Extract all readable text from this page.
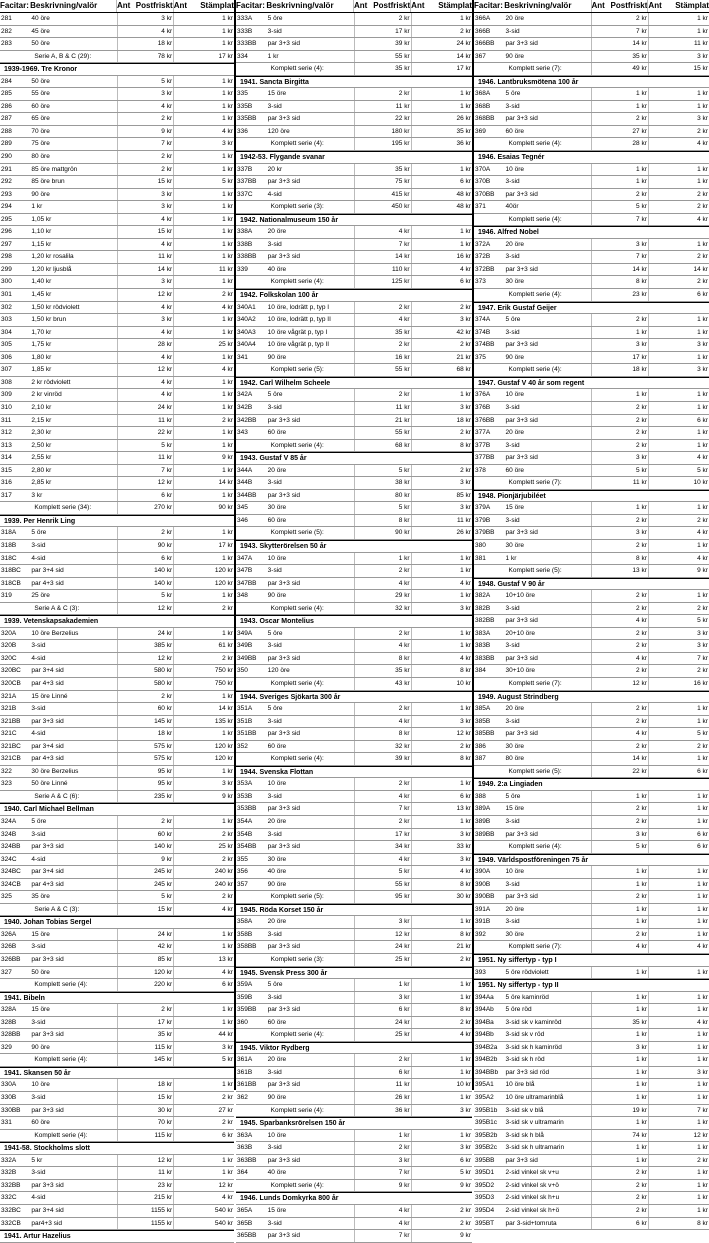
Facitar: Beskrivning/valör	Ant Postfriskt Ant	Stämplat
281	40 öre	3 kr	1 kr
282	45 öre	4 kr	1 kr
283	50 öre	18 kr	1 kr
Serie A, B & C (29):	78 kr	17 kr
1939-1969. Tre Kronor
284	50 öre	5 kr	1 kr
285	55 öre	3 kr	1 kr
286	60 öre	4 kr	1 kr
287	65 öre	2 kr	1 kr
288	70 öre	9 kr	4 kr
289	75 öre	7 kr	3 kr
290	80 öre	2 kr	1 kr
291	85 öre mattgrön	2 kr	1 kr
292	85 öre brun	15 kr	5 kr
293	90 öre	3 kr	1 kr
294	1 kr	3 kr	1 kr
295	1,05 kr	4 kr	1 kr
296	1,10 kr	15 kr	1 kr
297	1,15 kr	4 kr	1 kr
298	1,20 kr rosalila	11 kr	1 kr
299	1,20 kr ljusblå	14 kr	11 kr
300	1,40 kr	3 kr	1 kr
301	1,45 kr	12 kr	2 kr
302	1,50 kr rödviolett	4 kr	4 kr
303	1,50 kr brun	3 kr	1 kr
304	1,70 kr	4 kr	1 kr
305	1,75 kr	28 kr	25 kr
306	1,80 kr	4 kr	1 kr
307	1,85 kr	12 kr	4 kr
308	2 kr rödviolett	4 kr	1 kr
309	2 kr vinröd	4 kr	1 kr
310	2,10 kr	24 kr	1 kr
311	2,15 kr	11 kr	2 kr
312	2,30 kr	22 kr	1 kr
313	2,50 kr	5 kr	1 kr
314	2,55 kr	11 kr	9 kr
315	2,80 kr	7 kr	1 kr
316	2,85 kr	12 kr	14 kr
317	3 kr	6 kr	1 kr
Komplett serie (34):	270 kr	90 kr
1939. Per Henrik Ling
318A	5 öre	2 kr	1 kr
318B	3-sid	90 kr	17 kr
318C	4-sid	6 kr	1 kr
318BC	par 3+4 sid	140 kr	120 kr
318CB	par 4+3 sid	140 kr	120 kr
319	25 öre	5 kr	1 kr
Serie A & C (3):	12 kr	2 kr
1939. Vetenskapsakademien
320A	10 öre Berzelius	24 kr	1 kr
320B	3-sid	385 kr	61 kr
320C	4-sid	12 kr	2 kr
320BC	par 3+4 sid	580 kr	750 kr
320CB	par 4+3 sid	580 kr	750 kr
321A	15 öre Linné	2 kr	1 kr
321B	3-sid	60 kr	14 kr
321BB	par 3+3 sid	145 kr	135 kr
321C	4-sid	18 kr	1 kr
321BC	par 3+4 sid	575 kr	120 kr
321CB	par 4+3 sid	575 kr	120 kr
322	30 öre Berzelius	95 kr	1 kr
323	50 öre Linné	95 kr	3 kr
Serie A & C (6):	235 kr	9 kr
1940. Carl Michael Bellman
324A	5 öre	2 kr	1 kr
324B	3-sid	60 kr	2 kr
324BB	par 3+3 sid	140 kr	25 kr
324C	4-sid	9 kr	2 kr
324BC	par 3+4 sid	245 kr	240 kr
324CB	par 4+3 sid	245 kr	240 kr
325	35 öre	5 kr	2 kr
Serie A & C (3):	15 kr	4 kr
1940. Johan Tobias Sergel
326A	15 öre	24 kr	1 kr
326B	3-sid	42 kr	1 kr
326BB	par 3+3 sid	85 kr	13 kr
327	50 öre	120 kr	4 kr
Komplett serie (4):	220 kr	6 kr
1941. Bibeln
328A	15 öre	2 kr	1 kr
328B	3-sid	17 kr	1 kr
328BB	par 3+3 sid	35 kr	44 kr
329	90 öre	115 kr	3 kr
Komplett serie (4):	145 kr	5 kr
1941. Skansen 50 år
330A	10 öre	18 kr	1 kr
330B	3-sid	15 kr	2 kr
330BB	par 3+3 sid	30 kr	27 kr
331	60 öre	70 kr	2 kr
Komplett serie (4):	115 kr	6 kr
1941-58. Stockholms slott
332A	5 kr	12 kr	1 kr
332B	3-sid	11 kr	1 kr
332BB	par 3+3 sid	23 kr	12 kr
332C	4-sid	215 kr	4 kr
332BC	par 3+4 sid	1155 kr	540 kr
332CB	par4+3 sid	1155 kr	540 kr
1941. Artur Hazelius
Facitar: Beskrivning/valör	Ant Postfriskt Ant	Stämplat
333A	5 öre	2 kr	1 kr
333B	3-sid	17 kr	2 kr
333BB	par 3+3 sid	39 kr	24 kr
334	1 kr	55 kr	14 kr
Komplett serie (4):	35 kr	17 kr
1941. Sancta Birgitta
335	15 öre	2 kr	1 kr
335B	3-sid	11 kr	1 kr
335BB	par 3+3 sid	22 kr	26 kr
336	120 öre	180 kr	35 kr
Komplett serie (4):	195 kr	36 kr
1942-53. Flygande svanar
337B	20 kr	35 kr	1 kr
337BB	par 3+3 sid	75 kr	6 kr
337C	4-sid	415 kr	48 kr
Komplett serie (3):	450 kr	48 kr
1942. Nationalmuseum 150 år
338A	20 öre	4 kr	1 kr
338B	3-sid	7 kr	1 kr
338BB	par 3+3 sid	14 kr	16 kr
339	40 öre	110 kr	4 kr
Komplett serie (4):	125 kr	6 kr
1942. Folkskolan 100 år
340A1	10 öre, lodrätt p, typ I	2 kr	2 kr
340A2	10 öre, lodrätt p, typ II	4 kr	3 kr
340A3	10 öre vågrät p, typ I	35 kr	42 kr
340A4	10 öre vågrät p, typ II	2 kr	2 kr
341	90 öre	16 kr	21 kr
Komplett serie (5):	55 kr	68 kr
1942. Carl Wilhelm Scheele
342A	5 öre	2 kr	1 kr
342B	3-sid	11 kr	3 kr
342BB	par 3+3 sid	21 kr	18 kr
343	60 öre	55 kr	2 kr
Komplett serie (4):	68 kr	8 kr
1943. Gustaf V 85 år
344A	20 öre	5 kr	2 kr
344B	3-sid	38 kr	3 kr
344BB	par 3+3 sid	80 kr	85 kr
345	30 öre	5 kr	3 kr
346	60 öre	8 kr	11 kr
Komplett serie (5):	90 kr	26 kr
1943. Skytterörelsen 50 år
347A	10 öre	1 kr	1 kr
347B	3-sid	2 kr	1 kr
347BB	par 3+3 sid	4 kr	4 kr
348	90 öre	29 kr	1 kr
Komplett serie (4):	32 kr	3 kr
1943. Oscar Montelius
349A	5 öre	2 kr	1 kr
349B	3-sid	4 kr	1 kr
349BB	par 3+3 sid	8 kr	4 kr
350	120 öre	35 kr	8 kr
Komplett serie (4):	43 kr	10 kr
1944. Sveriges Sjökarta 300 år
351A	5 öre	2 kr	1 kr
351B	3-sid	4 kr	3 kr
351BB	par 3+3 sid	8 kr	12 kr
352	60 öre	32 kr	2 kr
Komplett serie (4):	39 kr	8 kr
1944. Svenska Flottan
353A	10 öre	2 kr	1 kr
353B	3-sid	4 kr	6 kr
353BB	par 3+3 sid	7 kr	13 kr
354A	20 öre	2 kr	1 kr
354B	3-sid	17 kr	3 kr
354BB	par 3+3 sid	34 kr	33 kr
355	30 öre	4 kr	3 kr
356	40 öre	5 kr	4 kr
357	90 öre	55 kr	8 kr
Komplett serie (5):	95 kr	30 kr
1945. Röda Korset 150 år
358A	20 öre	3 kr	1 kr
358B	3-sid	12 kr	8 kr
358BB	par 3+3 sid	24 kr	21 kr
Komplett serie (3):	25 kr	2 kr
1945. Svensk Press 300 år
359A	5 öre	1 kr	1 kr
359B	3-sid	3 kr	1 kr
359BB	par 3+3 sid	6 kr	8 kr
360	60 öre	24 kr	2 kr
Komplett serie (4):	25 kr	4 kr
1945. Viktor Rydberg
361A	20 öre	2 kr	1 kr
361B	3-sid	6 kr	1 kr
361BB	par 3+3 sid	11 kr	10 kr
362	90 öre	26 kr	1 kr
Komplett serie (4):	36 kr	3 kr
1945. Sparbanksrörelsen 150 år
363A	10 öre	1 kr	1 kr
363B	3-sid	2 kr	3 kr
363BB	par 3+3 sid	3 kr	6 kr
364	40 öre	7 kr	5 kr
Komplett serie (4):	9 kr	9 kr
1946. Lunds Domkyrka 800 år
365A	15 öre	4 kr	2 kr
365B	3-sid	4 kr	2 kr
365BB	par 3+3 sid	7 kr	9 kr
Facitar: Beskrivning/valör	Ant Postfriskt Ant	Stämplat
366A	20 öre	2 kr	1 kr
366B	3-sid	7 kr	1 kr
366BB	par 3+3 sid	14 kr	11 kr
367	90 öre	35 kr	3 kr
Komplett serie (7):	49 kr	15 kr
1946. Lantbruksmötena 100 år
368A	5 öre	1 kr	1 kr
368B	3-sid	1 kr	1 kr
368BB	par 3+3 sid	2 kr	3 kr
369	60 öre	27 kr	2 kr
Komplett serie (4):	28 kr	4 kr
1946. Esaias Tegnér
370A	10 öre	1 kr	1 kr
370B	3-sid	1 kr	1 kr
370BB	par 3+3 sid	2 kr	2 kr
371	40ör	5 kr	2 kr
Komplett serie (4):	7 kr	4 kr
1946. Alfred Nobel
372A	20 öre	3 kr	1 kr
372B	3-sid	7 kr	2 kr
372BB	par 3+3 sid	14 kr	14 kr
373	30 öre	8 kr	2 kr
Komplett serie (4):	23 kr	6 kr
1947. Erik Gustaf Geijer
374A	5 öre	2 kr	1 kr
374B	3-sid	1 kr	1 kr
374BB	par 3+3 sid	3 kr	3 kr
375	90 öre	17 kr	1 kr
Komplett serie (4):	18 kr	3 kr
1947. Gustaf V 40 år som regent
376A	10 öre	1 kr	1 kr
376B	3-sid	2 kr	1 kr
376BB	par 3+3 sid	2 kr	6 kr
377A	20 öre	2 kr	1 kr
377B	3-sid	2 kr	1 kr
377BB	par 3+3 sid	3 kr	4 kr
378	60 öre	5 kr	5 kr
Komplett serie (7):	11 kr	10 kr
1948. Pionjärjubiléet
379A	15 öre	1 kr	1 kr
379B	3-sid	2 kr	2 kr
379BB	par 3+3 sid	3 kr	4 kr
380	30 öre	2 kr	1 kr
381	1 kr	8 kr	4 kr
Komplett serie (5):	13 kr	9 kr
1948. Gustaf V 90 år
382A	10+10 öre	2 kr	1 kr
382B	3-sid	2 kr	2 kr
382BB	par 3+3 sid	4 kr	5 kr
383A	20+10 öre	2 kr	3 kr
383B	3-sid	2 kr	3 kr
383BB	par 3+3 sid	4 kr	7 kr
384	30+10 öre	2 kr	2 kr
Komplett serie (7):	12 kr	16 kr
1949. August Strindberg
385A	20 öre	2 kr	1 kr
385B	3-sid	2 kr	1 kr
385BB	par 3+3 sid	4 kr	5 kr
386	30 öre	2 kr	2 kr
387	80 öre	14 kr	1 kr
Komplett serie (5):	22 kr	6 kr
1949. 2:a Lingiaden
388	5 öre	1 kr	1 kr
389A	15 öre	2 kr	1 kr
389B	3-sid	2 kr	1 kr
389BB	par 3+3 sid	3 kr	6 kr
Komplett serie (4):	5 kr	6 kr
1949. Världspostföreningen 75 år
390A	10 öre	1 kr	1 kr
390B	3-sid	1 kr	1 kr
390BB	par 3+3 sid	2 kr	1 kr
391A	20 öre	1 kr	1 kr
391B	3-sid	1 kr	1 kr
392	30 öre	2 kr	1 kr
Komplett serie (7):	4 kr	4 kr
1951. Ny siffertyp - typ I
393	5 öre rödviolett	1 kr	1 kr
1951. Ny siffertyp - typ II
394Aa	5 öre kaminröd	1 kr	1 kr
394Ab	5 öre röd	1 kr	1 kr
394Ba	3-sid sk v kaminröd	35 kr	4 kr
394Bb	3-sid sk v röd	1 kr	1 kr
394B2a	3-sid sk h kaminröd	3 kr	1 kr
394B2b	3-sid sk h röd	1 kr	1 kr
394BBb	par 3+3 sid röd	1 kr	3 kr
395A1	10 öre blå	1 kr	1 kr
395A2	10 öre ultramarinblå	1 kr	1 kr
395B1b	3-sid sk v blå	19 kr	7 kr
395B1c	3-sid sk v ultramarin	1 kr	1 kr
395B2b	3-sid sk h blå	74 kr	12 kr
395B2c	3-sid sk h ultramarin	1 kr	1 kr
395BB	par 3+3 sid	1 kr	2 kr
395D1	2-sid vinkel sk v+u	2 kr	1 kr
395D2	2-sid vinkel sk v+ö	2 kr	1 kr
395D3	2-sid vinkel sk h+u	2 kr	1 kr
395D4	2-sid vinkel sk h+ö	2 kr	1 kr
395BT	par 3-sid+tomruta	6 kr	8 kr
